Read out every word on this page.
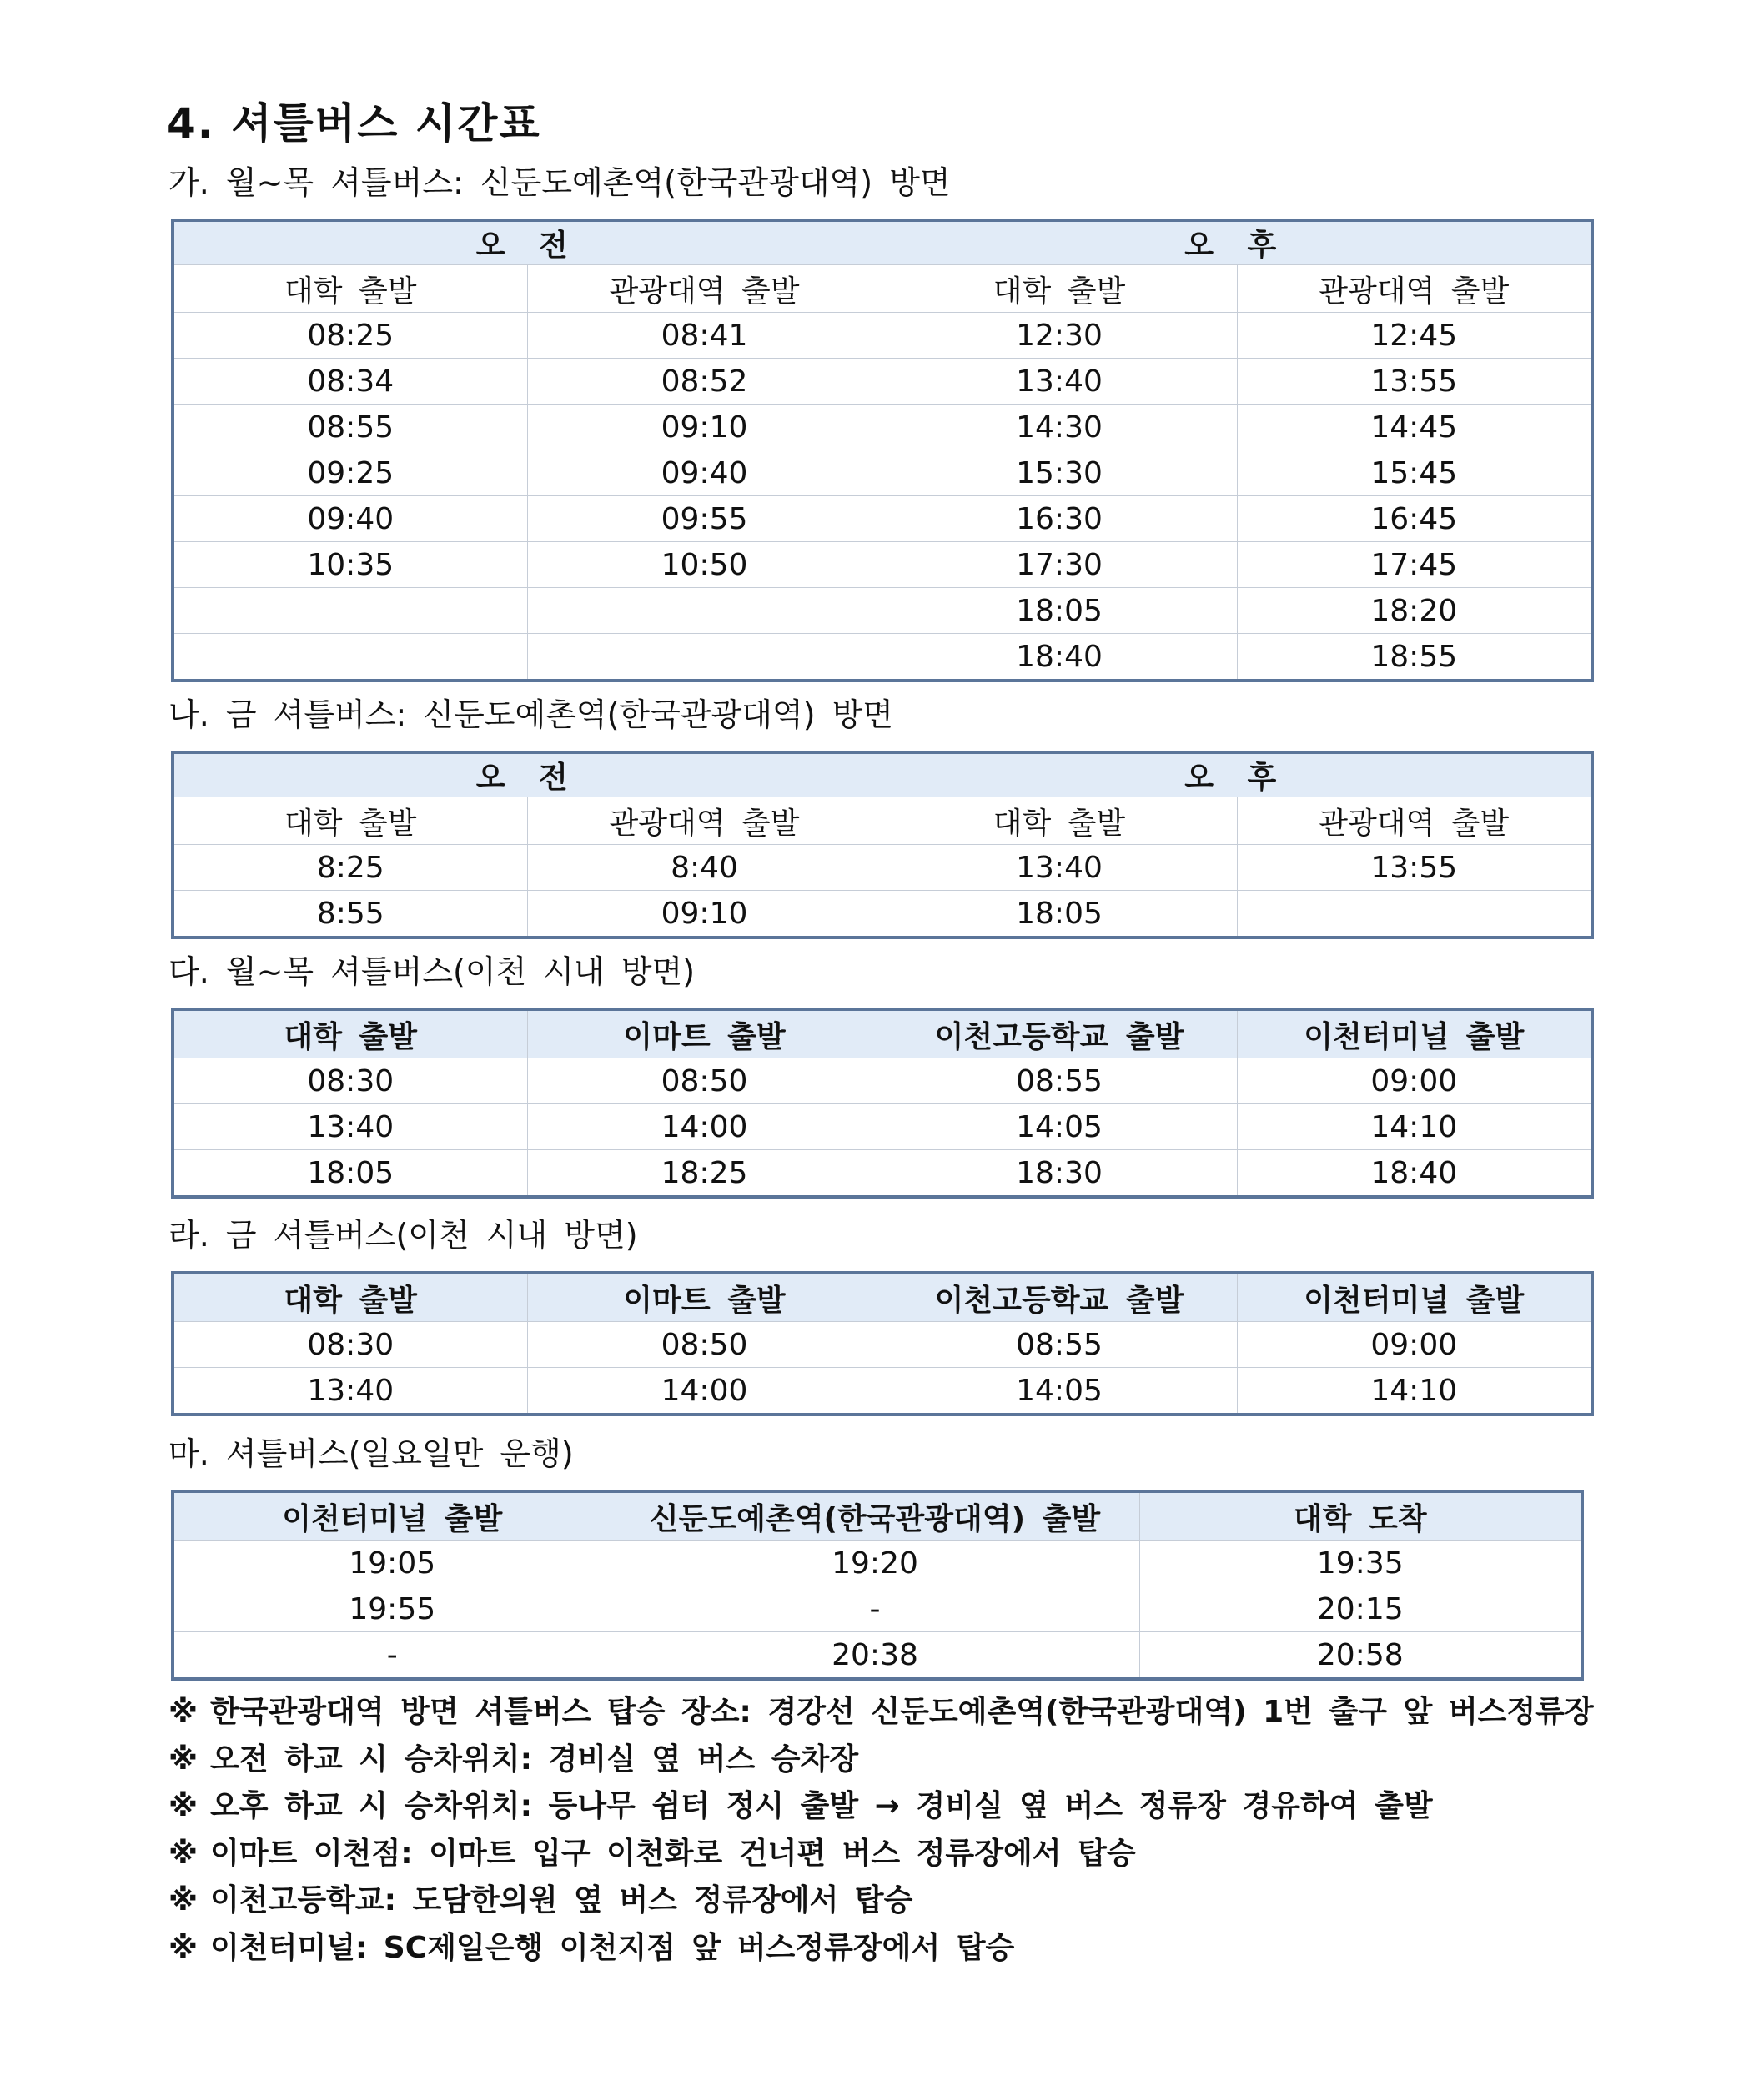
4. 셔틀버스 시간표

가. 월~목 셔틀버스: 신둔도예촌역(한국관광대역) 방면

오 전		오 후	
대학 출발	관광대역 출발	대학 출발	관광대역 출발
08:25	08:41	12:30	12:45
08:34	08:52	13:40	13:55
08:55	09:10	14:30	14:45
09:25	09:40	15:30	15:45
09:40	09:55	16:30	16:45
10:35	10:50	17:30	17:45
		18:05	18:20
		18:40	18:55

나. 금 셔틀버스: 신둔도예촌역(한국관광대역) 방면

오 전		오 후	
대학 출발	관광대역 출발	대학 출발	관광대역 출발
8:25	8:40	13:40	13:55
8:55	09:10	18:05	

다. 월~목 셔틀버스(이천 시내 방면)

대학 출발	이마트 출발	이천고등학교 출발	이천터미널 출발
08:30	08:50	08:55	09:00
13:40	14:00	14:05	14:10
18:05	18:25	18:30	18:40

라. 금 셔틀버스(이천 시내 방면)

대학 출발	이마트 출발	이천고등학교 출발	이천터미널 출발
08:30	08:50	08:55	09:00
13:40	14:00	14:05	14:10

마. 셔틀버스(일요일만 운행)

이천터미널 출발	신둔도예촌역(한국관광대역) 출발	대학 도착
19:05	19:20	19:35
19:55	-	20:15
-	20:38	20:58
※ 한국관광대역 방면 셔틀버스 탑승 장소: 경강선 신둔도예촌역(한국관광대역) 1번 출구 앞 버스정류장
※ 오전 하교 시 승차위치: 경비실 옆 버스 승차장
※ 오후 하교 시 승차위치: 등나무 쉼터 정시 출발 → 경비실 옆 버스 정류장 경유하여 출발
※ 이마트 이천점: 이마트 입구 이천화로 건너편 버스 정류장에서 탑승
※ 이천고등학교: 도담한의원 옆 버스 정류장에서 탑승
※ 이천터미널: SC제일은행 이천지점 앞 버스정류장에서 탑승
